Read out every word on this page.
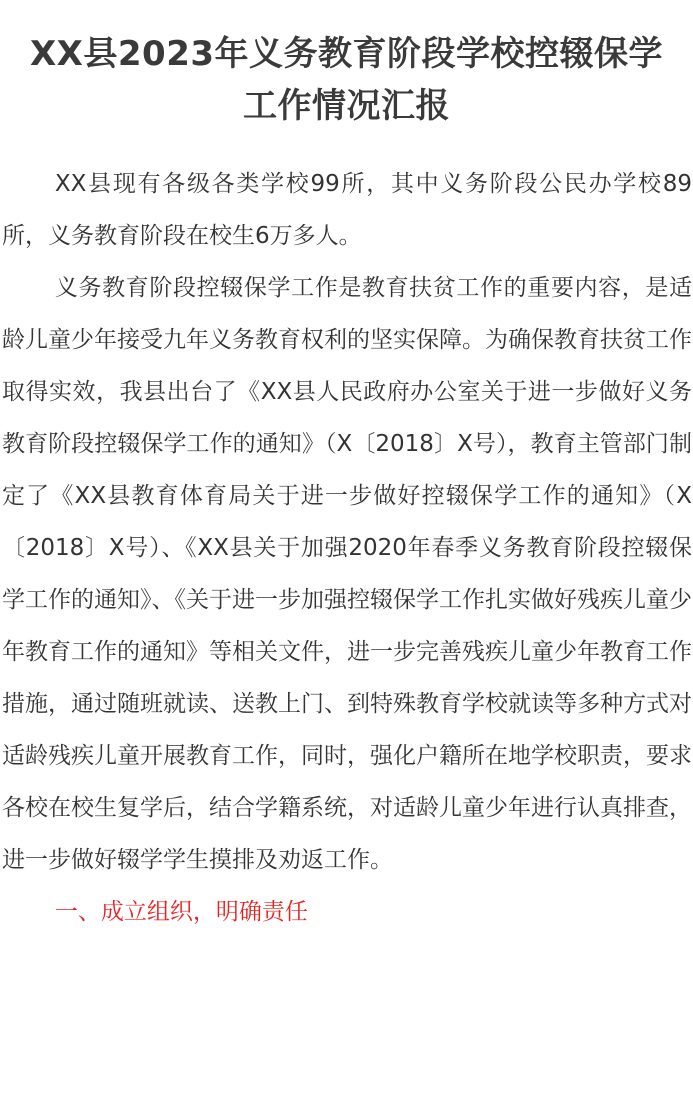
XX县2023年义务教育阶段学校控辍保学
工作情况汇报

XX县现有各级各类学校99所，其中义务阶段公民办学校89所，义务教育阶段在校生6万多人。

义务教育阶段控辍保学工作是教育扶贫工作的重要内容，是适龄儿童少年接受九年义务教育权利的坚实保障。为确保教育扶贫工作取得实效，我县出台了《XX县人民政府办公室关于进一步做好义务教育阶段控辍保学工作的通知》（X〔2018〕X号），教育主管部门制定了《XX县教育体育局关于进一步做好控辍保学工作的通知》（X〔2018〕X号）、《XX县关于加强2020年春季义务教育阶段控辍保学工作的通知》、《关于进一步加强控辍保学工作扎实做好残疾儿童少年教育工作的通知》等相关文件，进一步完善残疾儿童少年教育工作措施，通过随班就读、送教上门、到特殊教育学校就读等多种方式对适龄残疾儿童开展教育工作，同时，强化户籍所在地学校职责，要求各校在校生复学后，结合学籍系统，对适龄儿童少年进行认真排查，进一步做好辍学学生摸排及劝返工作。

一、成立组织，明确责任
